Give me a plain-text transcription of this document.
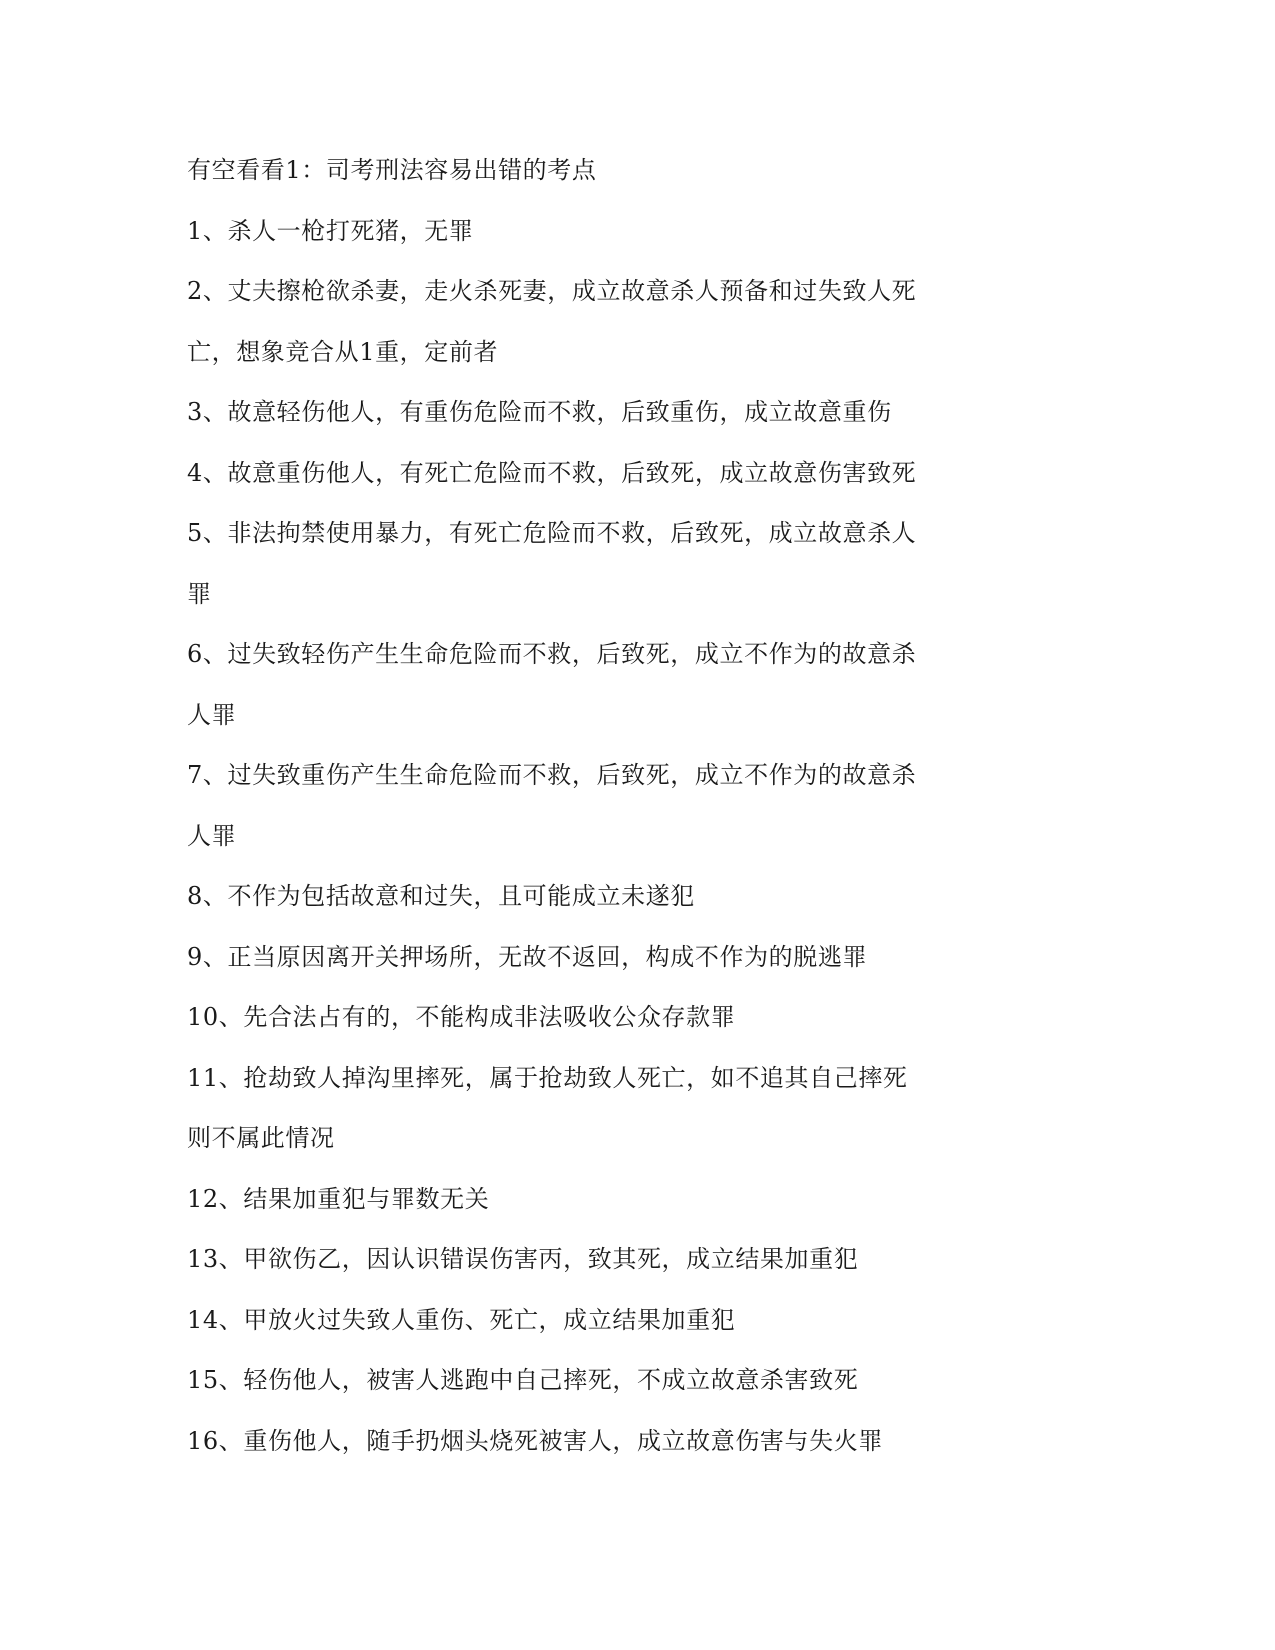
有空看看1：司考刑法容易出错的考点
1、杀人一枪打死猪，无罪
2、丈夫擦枪欲杀妻，走火杀死妻，成立故意杀人预备和过失致人死
亡，想象竞合从1重，定前者
3、故意轻伤他人，有重伤危险而不救，后致重伤，成立故意重伤
4、故意重伤他人，有死亡危险而不救，后致死，成立故意伤害致死
5、非法拘禁使用暴力，有死亡危险而不救，后致死，成立故意杀人
罪
6、过失致轻伤产生生命危险而不救，后致死，成立不作为的故意杀
人罪
7、过失致重伤产生生命危险而不救，后致死，成立不作为的故意杀
人罪
8、不作为包括故意和过失，且可能成立未遂犯
9、正当原因离开关押场所，无故不返回，构成不作为的脱逃罪
10、先合法占有的，不能构成非法吸收公众存款罪
11、抢劫致人掉沟里摔死，属于抢劫致人死亡，如不追其自己摔死
则不属此情况
12、结果加重犯与罪数无关
13、甲欲伤乙，因认识错误伤害丙，致其死，成立结果加重犯
14、甲放火过失致人重伤、死亡，成立结果加重犯
15、轻伤他人，被害人逃跑中自己摔死，不成立故意杀害致死
16、重伤他人，随手扔烟头烧死被害人，成立故意伤害与失火罪
